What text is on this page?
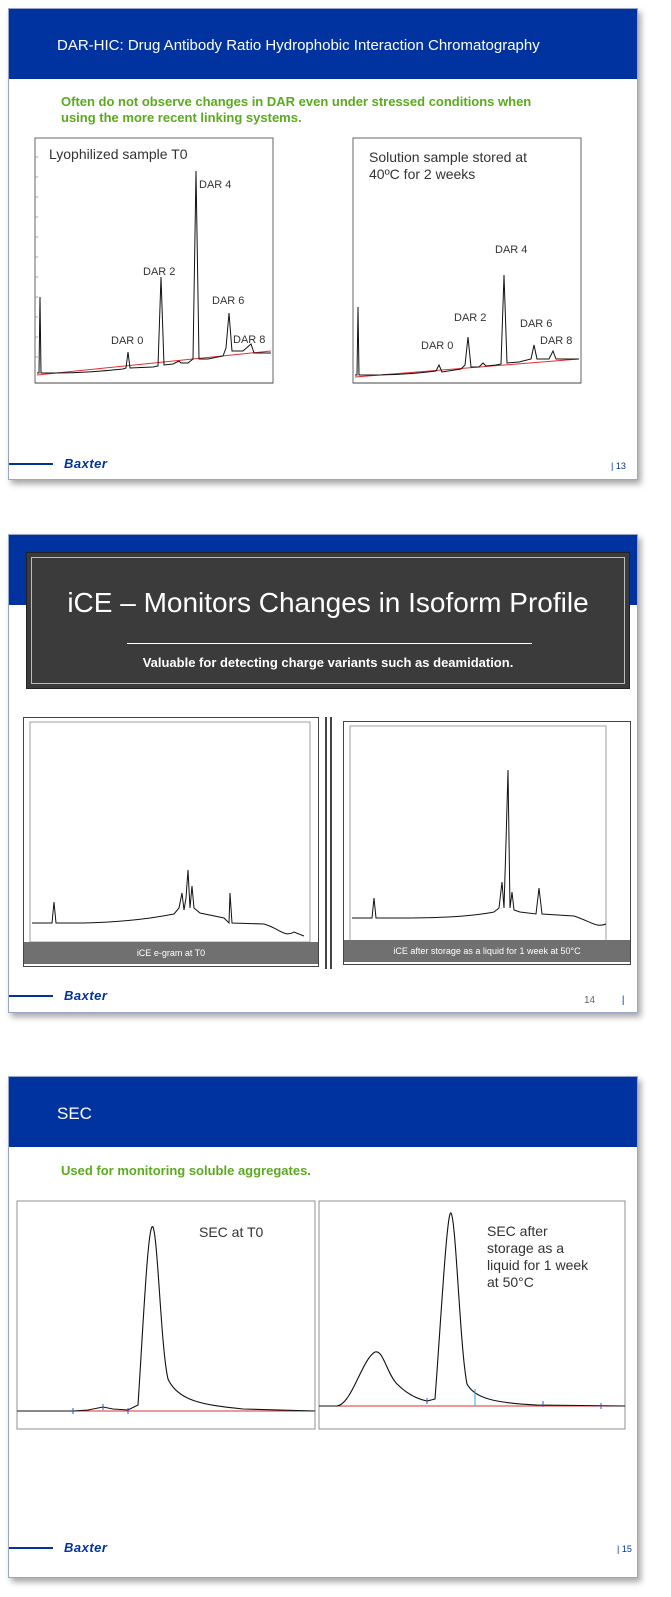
DAR-HIC: Drug Antibody Ratio Hydrophobic Interaction Chromatography
Often do not observe changes in DAR even under stressed conditions when
using the more recent linking systems.
DAR 0
DAR 2
DAR 4
DAR 6
DAR 8
Lyophilized sample T0
DAR 0
DAR 2
DAR 4
DAR 6
DAR 8
Solution sample stored at
40ºC for 2 weeks
Baxter	| 13
iCE – Monitors Changes in Isoform Profile
Valuable for detecting charge variants such as deamidation.
iCE e-gram at T0	iCE after storage as a liquid for 1 week at 50°C
Baxter	14	|
SEC
Used for monitoring soluble aggregates.
SEC at T0	SEC after
storage as a
liquid for 1 week
at 50°C
Baxter	| 15
